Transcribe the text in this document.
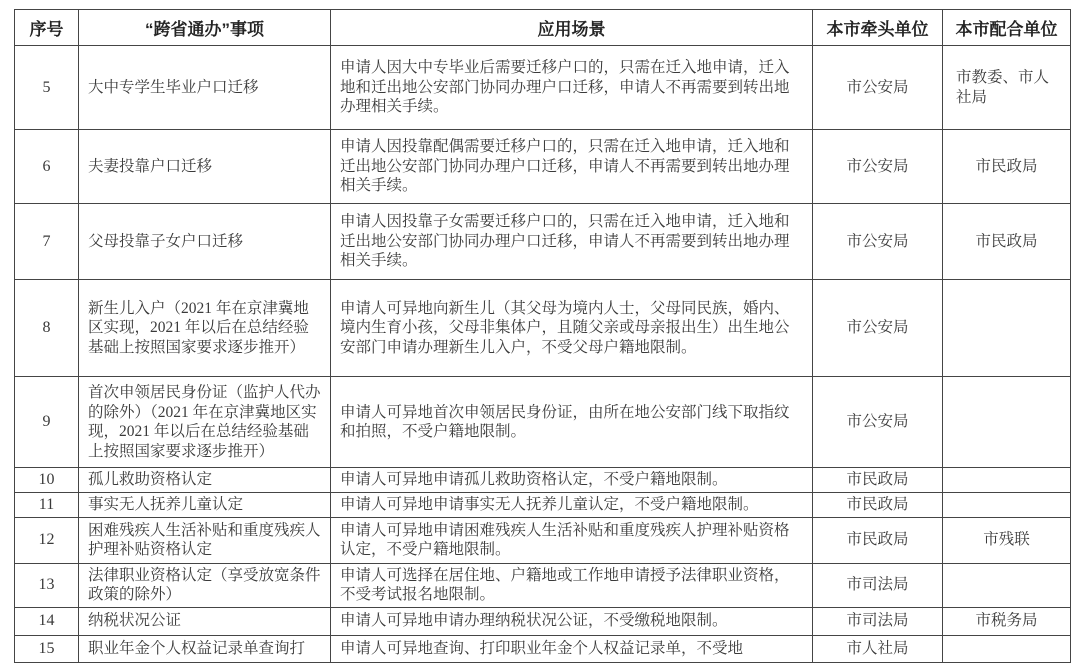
序号	“跨省通办”事项	应用场景	本市牵头单位	本市配合单位
5	大中专学生毕业户口迁移	申请人因大中专毕业后需要迁移户口的，只需在迁入地申请，迁入地和迁出地公安部门协同办理户口迁移，申请人不再需要到转出地办理相关手续。	市公安局	市教委、市人社局
6	夫妻投靠户口迁移	申请人因投靠配偶需要迁移户口的，只需在迁入地申请，迁入地和迁出地公安部门协同办理户口迁移，申请人不再需要到转出地办理相关手续。	市公安局	市民政局
7	父母投靠子女户口迁移	申请人因投靠子女需要迁移户口的，只需在迁入地申请，迁入地和迁出地公安部门协同办理户口迁移，申请人不再需要到转出地办理相关手续。	市公安局	市民政局
8	新生儿入户（2021 年在京津冀地区实现，2021 年以后在总结经验基础上按照国家要求逐步推开）	申请人可异地向新生儿（其父母为境内人士，父母同民族，婚内、境内生育小孩，父母非集体户，且随父亲或母亲报出生）出生地公安部门申请办理新生儿入户，不受父母户籍地限制。	市公安局	
9	首次申领居民身份证（监护人代办的除外）（2021 年在京津冀地区实现，2021 年以后在总结经验基础上按照国家要求逐步推开）	申请人可异地首次申领居民身份证，由所在地公安部门线下取指纹和拍照，不受户籍地限制。	市公安局	
10	孤儿救助资格认定	申请人可异地申请孤儿救助资格认定，不受户籍地限制。	市民政局	
11	事实无人抚养儿童认定	申请人可异地申请事实无人抚养儿童认定，不受户籍地限制。	市民政局	
12	困难残疾人生活补贴和重度残疾人护理补贴资格认定	申请人可异地申请困难残疾人生活补贴和重度残疾人护理补贴资格认定，不受户籍地限制。	市民政局	市残联
13	法律职业资格认定（享受放宽条件政策的除外）	申请人可选择在居住地、户籍地或工作地申请授予法律职业资格，不受考试报名地限制。	市司法局	
14	纳税状况公证	申请人可异地申请办理纳税状况公证，不受缴税地限制。	市司法局	市税务局
15	职业年金个人权益记录单查询打	申请人可异地查询、打印职业年金个人权益记录单，不受地	市人社局	
